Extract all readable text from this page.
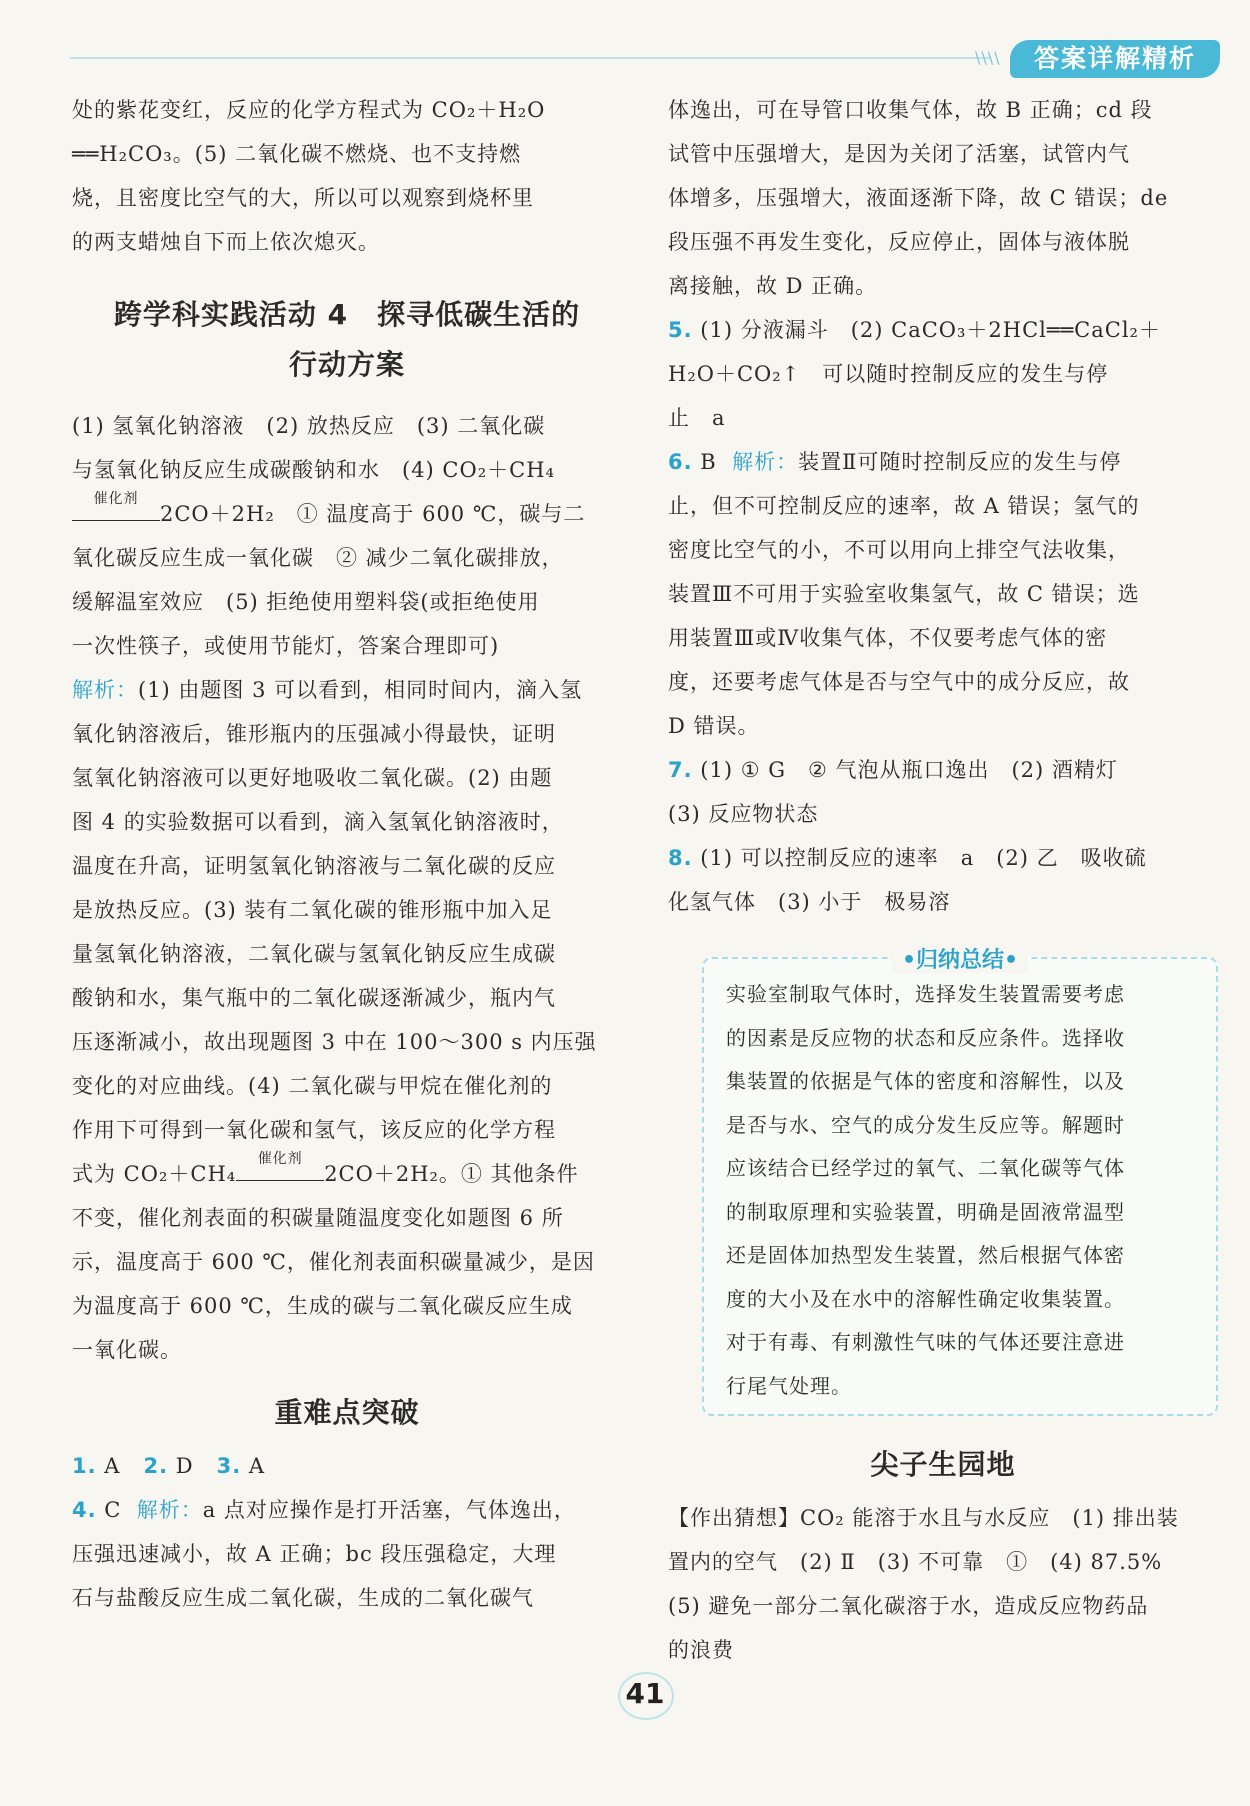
\\\\	答案详解精析

处的紫花变红，反应的化学方程式为 CO₂＋H₂O

══H₂CO₃。(5) 二氧化碳不燃烧、也不支持燃

烧，且密度比空气的大，所以可以观察到烧杯里

的两支蜡烛自下而上依次熄灭。

跨学科实践活动 4　探寻低碳生活的
行动方案

(1) 氢氧化钠溶液　(2) 放热反应　(3) 二氧化碳

与氢氧化钠反应生成碳酸钠和水　(4) CO₂＋CH₄

催化剂
2CO＋2H₂　① 温度高于 600 ℃，碳与二

氧化碳反应生成一氧化碳　② 减少二氧化碳排放，

缓解温室效应　(5) 拒绝使用塑料袋(或拒绝使用

一次性筷子，或使用节能灯，答案合理即可)

解析：(1) 由题图 3 可以看到，相同时间内，滴入氢

氧化钠溶液后，锥形瓶内的压强减小得最快，证明

氢氧化钠溶液可以更好地吸收二氧化碳。(2) 由题

图 4 的实验数据可以看到，滴入氢氧化钠溶液时，

温度在升高，证明氢氧化钠溶液与二氧化碳的反应

是放热反应。(3) 装有二氧化碳的锥形瓶中加入足

量氢氧化钠溶液，二氧化碳与氢氧化钠反应生成碳

酸钠和水，集气瓶中的二氧化碳逐渐减少，瓶内气

压逐渐减小，故出现题图 3 中在 100～300 s 内压强

变化的对应曲线。(4) 二氧化碳与甲烷在催化剂的

作用下可得到一氧化碳和氢气，该反应的化学方程

式为 CO₂＋CH₄
催化剂
2CO＋2H₂。① 其他条件

不变，催化剂表面的积碳量随温度变化如题图 6 所

示，温度高于 600 ℃，催化剂表面积碳量减少，是因

为温度高于 600 ℃，生成的碳与二氧化碳反应生成

一氧化碳。

重难点突破

1. A 2. D 3. A

4. C 解析：a 点对应操作是打开活塞，气体逸出，

压强迅速减小，故 A 正确；bc 段压强稳定，大理

石与盐酸反应生成二氧化碳，生成的二氧化碳气

体逸出，可在导管口收集气体，故 B 正确；cd 段

试管中压强增大，是因为关闭了活塞，试管内气

体增多，压强增大，液面逐渐下降，故 C 错误；de

段压强不再发生变化，反应停止，固体与液体脱

离接触，故 D 正确。

5. (1) 分液漏斗　(2) CaCO₃＋2HCl══CaCl₂＋

H₂O＋CO₂↑　可以随时控制反应的发生与停

止　a

6. B 解析：装置Ⅱ可随时控制反应的发生与停

止，但不可控制反应的速率，故 A 错误；氢气的

密度比空气的小，不可以用向上排空气法收集，

装置Ⅲ不可用于实验室收集氢气，故 C 错误；选

用装置Ⅲ或Ⅳ收集气体，不仅要考虑气体的密

度，还要考虑气体是否与空气中的成分反应，故

D 错误。

7. (1) ① G　② 气泡从瓶口逸出　(2) 酒精灯

(3) 反应物状态

8. (1) 可以控制反应的速率　a　(2) 乙　吸收硫

化氢气体　(3) 小于　极易溶

•归纳总结•
实验室制取气体时，选择发生装置需要考虑
的因素是反应物的状态和反应条件。选择收
集装置的依据是气体的密度和溶解性，以及
是否与水、空气的成分发生反应等。解题时
应该结合已经学过的氧气、二氧化碳等气体
的制取原理和实验装置，明确是固液常温型
还是固体加热型发生装置，然后根据气体密
度的大小及在水中的溶解性确定收集装置。
对于有毒、有刺激性气味的气体还要注意进
行尾气处理。
尖子生园地

【作出猜想】CO₂ 能溶于水且与水反应　(1) 排出装

置内的空气　(2) Ⅱ　(3) 不可靠　①　(4) 87.5%

(5) 避免一部分二氧化碳溶于水，造成反应物药品

的浪费

41
